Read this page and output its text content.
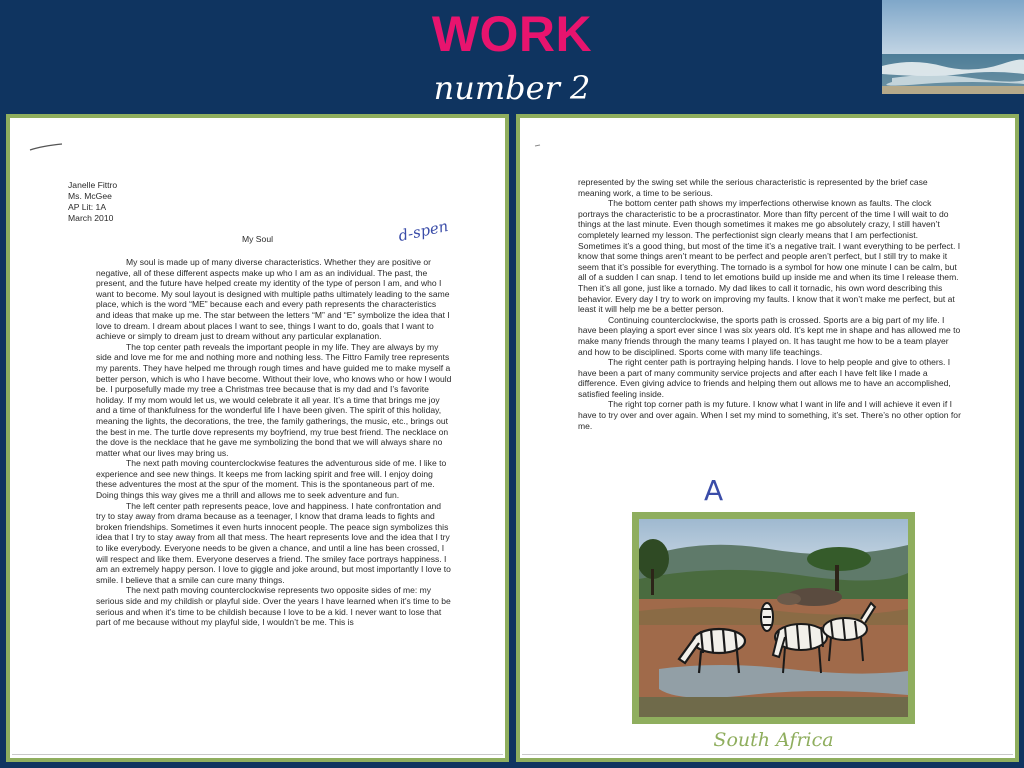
WORK
number 2
Janelle Fittro
Ms. McGee
AP Lit: 1A
March 2010
My Soul	d-spen

My soul is made up of many diverse characteristics. Whether they are positive or negative, all of these different aspects make up who I am as an individual. The past, the present, and the future have helped create my identity of the type of person I am, and who I want to become. My soul layout is designed with multiple paths ultimately leading to the same place, which is the word “ME” because each and every path represents the characteristics and ideas that make up me. The star between the letters “M” and “E” symbolize the idea that I love to dream. I dream about places I want to see, things I want to do, goals that I want to achieve or simply to dream just to dream without any particular explanation.

The top center path reveals the important people in my life. They are always by my side and love me for me and nothing more and nothing less. The Fittro Family tree represents my parents. They have helped me through rough times and have guided me to make myself a better person, which is who I have become. Without their love, who knows who or how I would be. I purposefully made my tree a Christmas tree because that is my dad and I’s favorite holiday. If my mom would let us, we would celebrate it all year. It’s a time that brings me joy and a time of thankfulness for the wonderful life I have been given. The spirit of this holiday, meaning the lights, the decorations, the tree, the family gatherings, the music, etc., brings out the best in me. The turtle dove represents my boyfriend, my true best friend. The necklace on the dove is the necklace that he gave me symbolizing the bond that we will always share no matter what our lives may bring us.

The next path moving counterclockwise features the adventurous side of me. I like to experience and see new things. It keeps me from lacking spirit and free will. I enjoy doing these adventures the most at the spur of the moment. This is the spontaneous part of me. Doing things this way gives me a thrill and allows me to seek adventure and fun.

The left center path represents peace, love and happiness. I hate confrontation and try to stay away from drama because as a teenager, I know that drama leads to fights and broken friendships. Sometimes it even hurts innocent people. The peace sign symbolizes this idea that I try to stay away from all that mess. The heart represents love and the idea that I try to like everybody. Everyone needs to be given a chance, and until a line has been crossed, I will respect and like them. Everyone deserves a friend. The smiley face portrays happiness. I am an extremely happy person. I love to giggle and joke around, but most importantly I love to smile. I believe that a smile can cure many things.

The next path moving counterclockwise represents two opposite sides of me: my serious side and my childish or playful side. Over the years I have learned when it’s time to be serious and when it’s time to be childish because I love to be a kid. I never want to lose that part of me because without my playful side, I wouldn’t be me. This is

represented by the swing set while the serious characteristic is represented by the brief case meaning work, a time to be serious.

The bottom center path shows my imperfections otherwise known as faults. The clock portrays the characteristic to be a procrastinator. More than fifty percent of the time I will wait to do things at the last minute. Even though sometimes it makes me go absolutely crazy, I still haven’t completely learned my lesson. The perfectionist sign clearly means that I am perfectionist. Sometimes it’s a good thing, but most of the time it’s a negative trait. I want everything to be perfect. I know that some things aren’t meant to be perfect and people aren’t perfect, but I still try to make it seem that it’s possible for everything. The tornado is a symbol for how one minute I can be calm, but all of a sudden I can snap. I tend to let emotions build up inside me and when its time I release them. Then it’s all gone, just like a tornado. My dad likes to call it tornadic, his own word describing this behavior. Every day I try to work on improving my faults. I know that it won’t make me perfect, but at least it will help me be a better person.

Continuing counterclockwise, the sports path is crossed. Sports are a big part of my life. I have been playing a sport ever since I was six years old. It’s kept me in shape and has allowed me to make many friends through the many teams I played on. It has taught me how to be a team player and how to be disciplined. Sports come with many life teachings.

The right center path is portraying helping hands. I love to help people and give to others. I have been a part of many community service projects and after each I have felt like I made a difference. Even giving advice to friends and helping them out allows me to have an accomplished, satisfied feeling inside.

The right top corner path is my future. I know what I want in life and I will achieve it even if I have to try over and over again. When I set my mind to something, it’s set. There’s no other option for me.

A
South Africa
